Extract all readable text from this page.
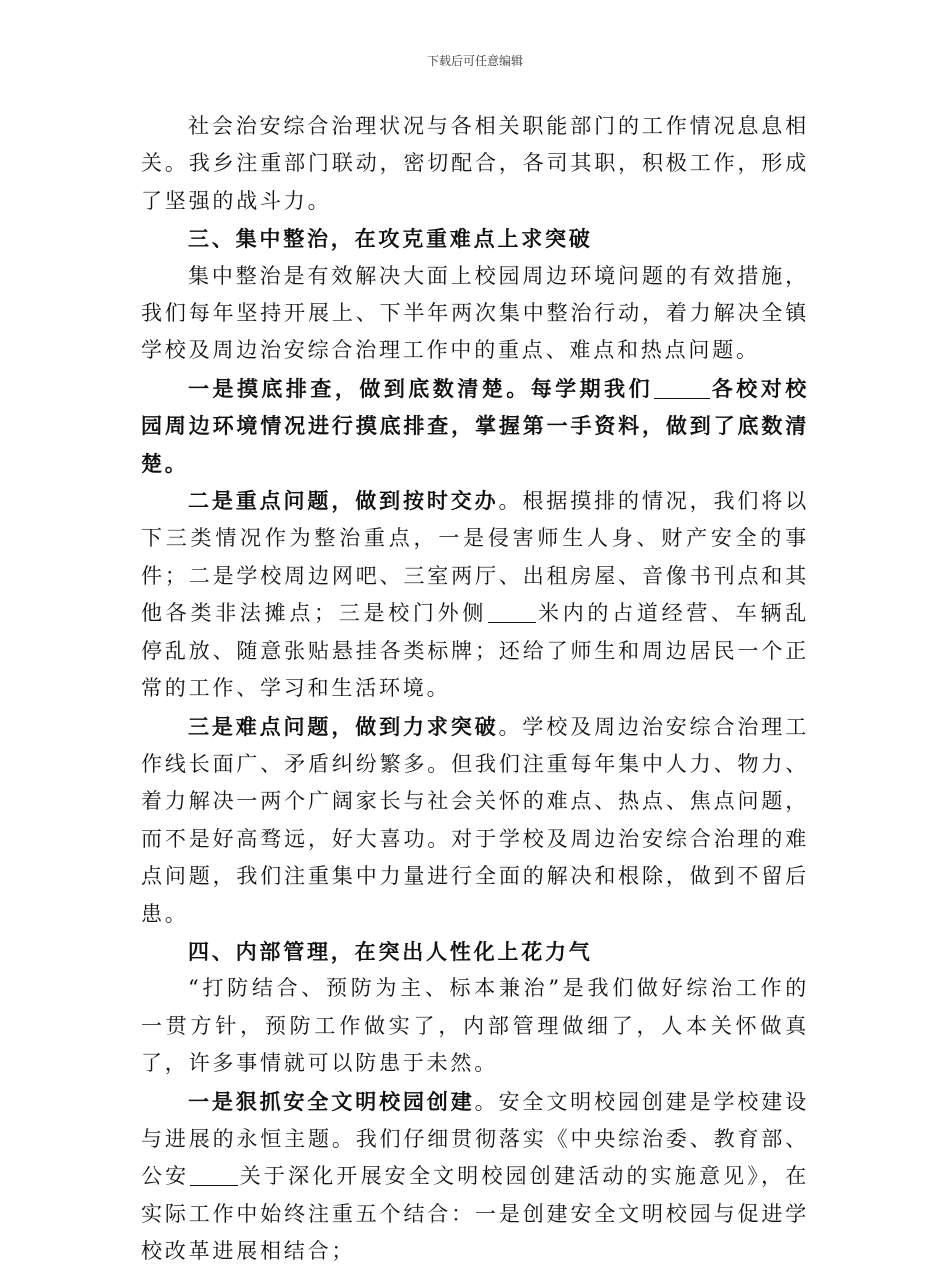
下载后可任意编辑

社会治安综合治理状况与各相关职能部门的工作情况息息相关。我乡注重部门联动，密切配合，各司其职，积极工作，形成了坚强的战斗力。

三、集中整治，在攻克重难点上求突破

集中整治是有效解决大面上校园周边环境问题的有效措施，我们每年坚持开展上、下半年两次集中整治行动，着力解决全镇学校及周边治安综合治理工作中的重点、难点和热点问题。

一是摸底排查，做到底数清楚。每学期我们	各校对校园周边环境情况进行摸底排查，掌握第一手资料，做到了底数清楚。

二是重点问题，做到按时交办。根据摸排的情况，我们将以下三类情况作为整治重点，一是侵害师生人身、财产安全的事件；二是学校周边网吧、三室两厅、出租房屋、音像书刊点和其他各类非法摊点；三是校门外侧 米内的占道经营、车辆乱停乱放、随意张贴悬挂各类标牌；还给了师生和周边居民一个正常的工作、学习和生活环境。

三是难点问题，做到力求突破。学校及周边治安综合治理工作线长面广、矛盾纠纷繁多。但我们注重每年集中人力、物力、着力解决一两个广阔家长与社会关怀的难点、热点、焦点问题，而不是好高骛远，好大喜功。对于学校及周边治安综合治理的难点问题，我们注重集中力量进行全面的解决和根除，做到不留后患。

四、内部管理，在突出人性化上花力气

“打防结合、预防为主、标本兼治”是我们做好综治工作的一贯方针，预防工作做实了，内部管理做细了，人本关怀做真了，许多事情就可以防患于未然。

一是狠抓安全文明校园创建。安全文明校园创建是学校建设与进展的永恒主题。我们仔细贯彻落实《中央综治委、教育部、公安 关于深化开展安全文明校园创建活动的实施意见》，在实际工作中始终注重五个结合：一是创建安全文明校园与促进学校改革进展相结合；
